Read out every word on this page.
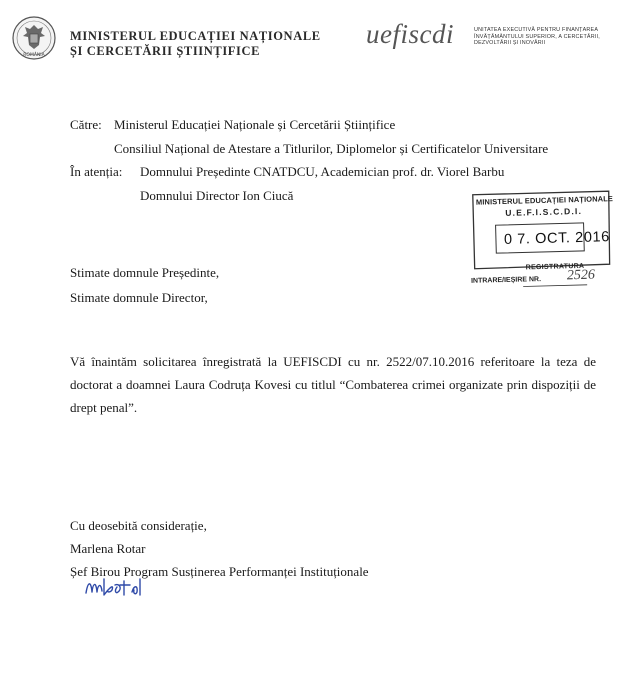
ROMÂNIA
MINISTERUL EDUCAȚIEI NAȚIONALE
ȘI CERCETĂRII ȘTIINȚIFICE
uefiscdi	UNITATEA EXECUTIVĂ PENTRU FINANȚAREA
ÎNVĂȚĂMÂNTULUI SUPERIOR, A CERCETĂRII,
DEZVOLTĂRII ȘI INOVĂRII
Către: Ministerul Educației Naționale și Cercetării Științifice
Consiliul Național de Atestare a Titlurilor, Diplomelor și Certificatelor Universitare
În atenția: Domnului Președinte CNATDCU, Academician prof. dr. Viorel Barbu
Domnului Director Ion Ciucă	MINISTERUL EDUCAȚIEI NAȚIONALE
U.E.F.I.S.C.D.I.
0 7. OCT. 2016
REGISTRATURA
INTRARE/IEȘIRE NR. 2526
Stimate domnule Președinte,
Stimate domnule Director,
Vă înaintăm solicitarea înregistrată la UEFISCDI cu nr. 2522/07.10.2016 referitoare la teza de doctorat a doamnei Laura Codruța Kovesi cu titlul “Combaterea crimei organizate prin dispoziții de drept penal”.
Cu deosebită considerație,
Marlena Rotar
Șef Birou Program Susținerea Performanței Instituționale
